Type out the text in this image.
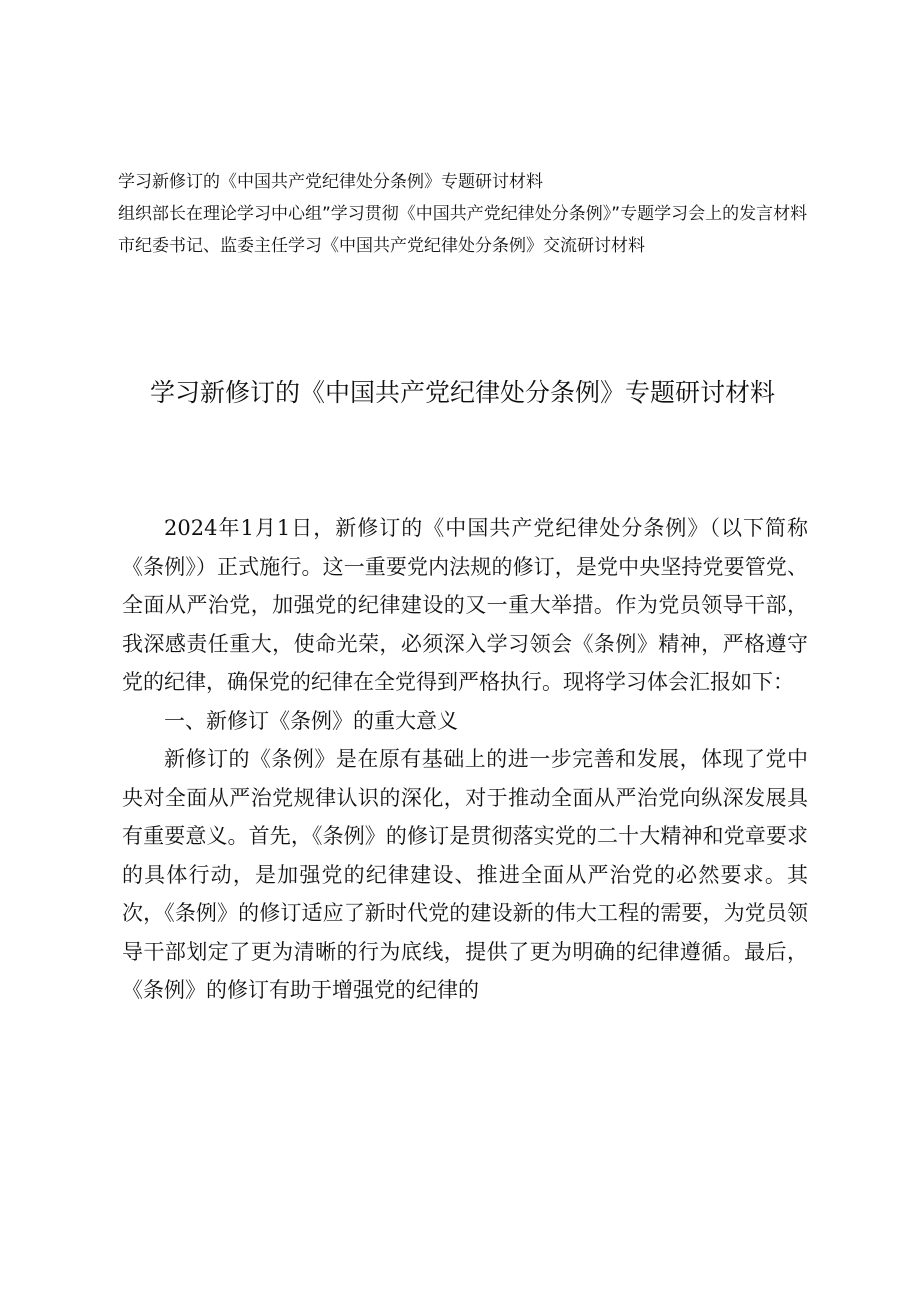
学习新修订的《中国共产党纪律处分条例》专题研讨材料
组织部长在理论学习中心组”学习贯彻《中国共产党纪律处分条例》”专题学习会上的发言材料
市纪委书记、监委主任学习《中国共产党纪律处分条例》交流研讨材料
学习新修订的《中国共产党纪律处分条例》专题研讨材料

2024年1月1日，新修订的《中国共产党纪律处分条例》（以下简称《条例》）正式施行。这一重要党内法规的修订，是党中央坚持党要管党、全面从严治党，加强党的纪律建设的又一重大举措。作为党员领导干部，我深感责任重大，使命光荣，必须深入学习领会《条例》精神，严格遵守党的纪律，确保党的纪律在全党得到严格执行。现将学习体会汇报如下：

一、新修订《条例》的重大意义

新修订的《条例》是在原有基础上的进一步完善和发展，体现了党中央对全面从严治党规律认识的深化，对于推动全面从严治党向纵深发展具有重要意义。首先，《条例》的修订是贯彻落实党的二十大精神和党章要求的具体行动，是加强党的纪律建设、推进全面从严治党的必然要求。其次，《条例》的修订适应了新时代党的建设新的伟大工程的需要，为党员领导干部划定了更为清晰的行为底线，提供了更为明确的纪律遵循。最后，《条例》的修订有助于增强党的纪律的
